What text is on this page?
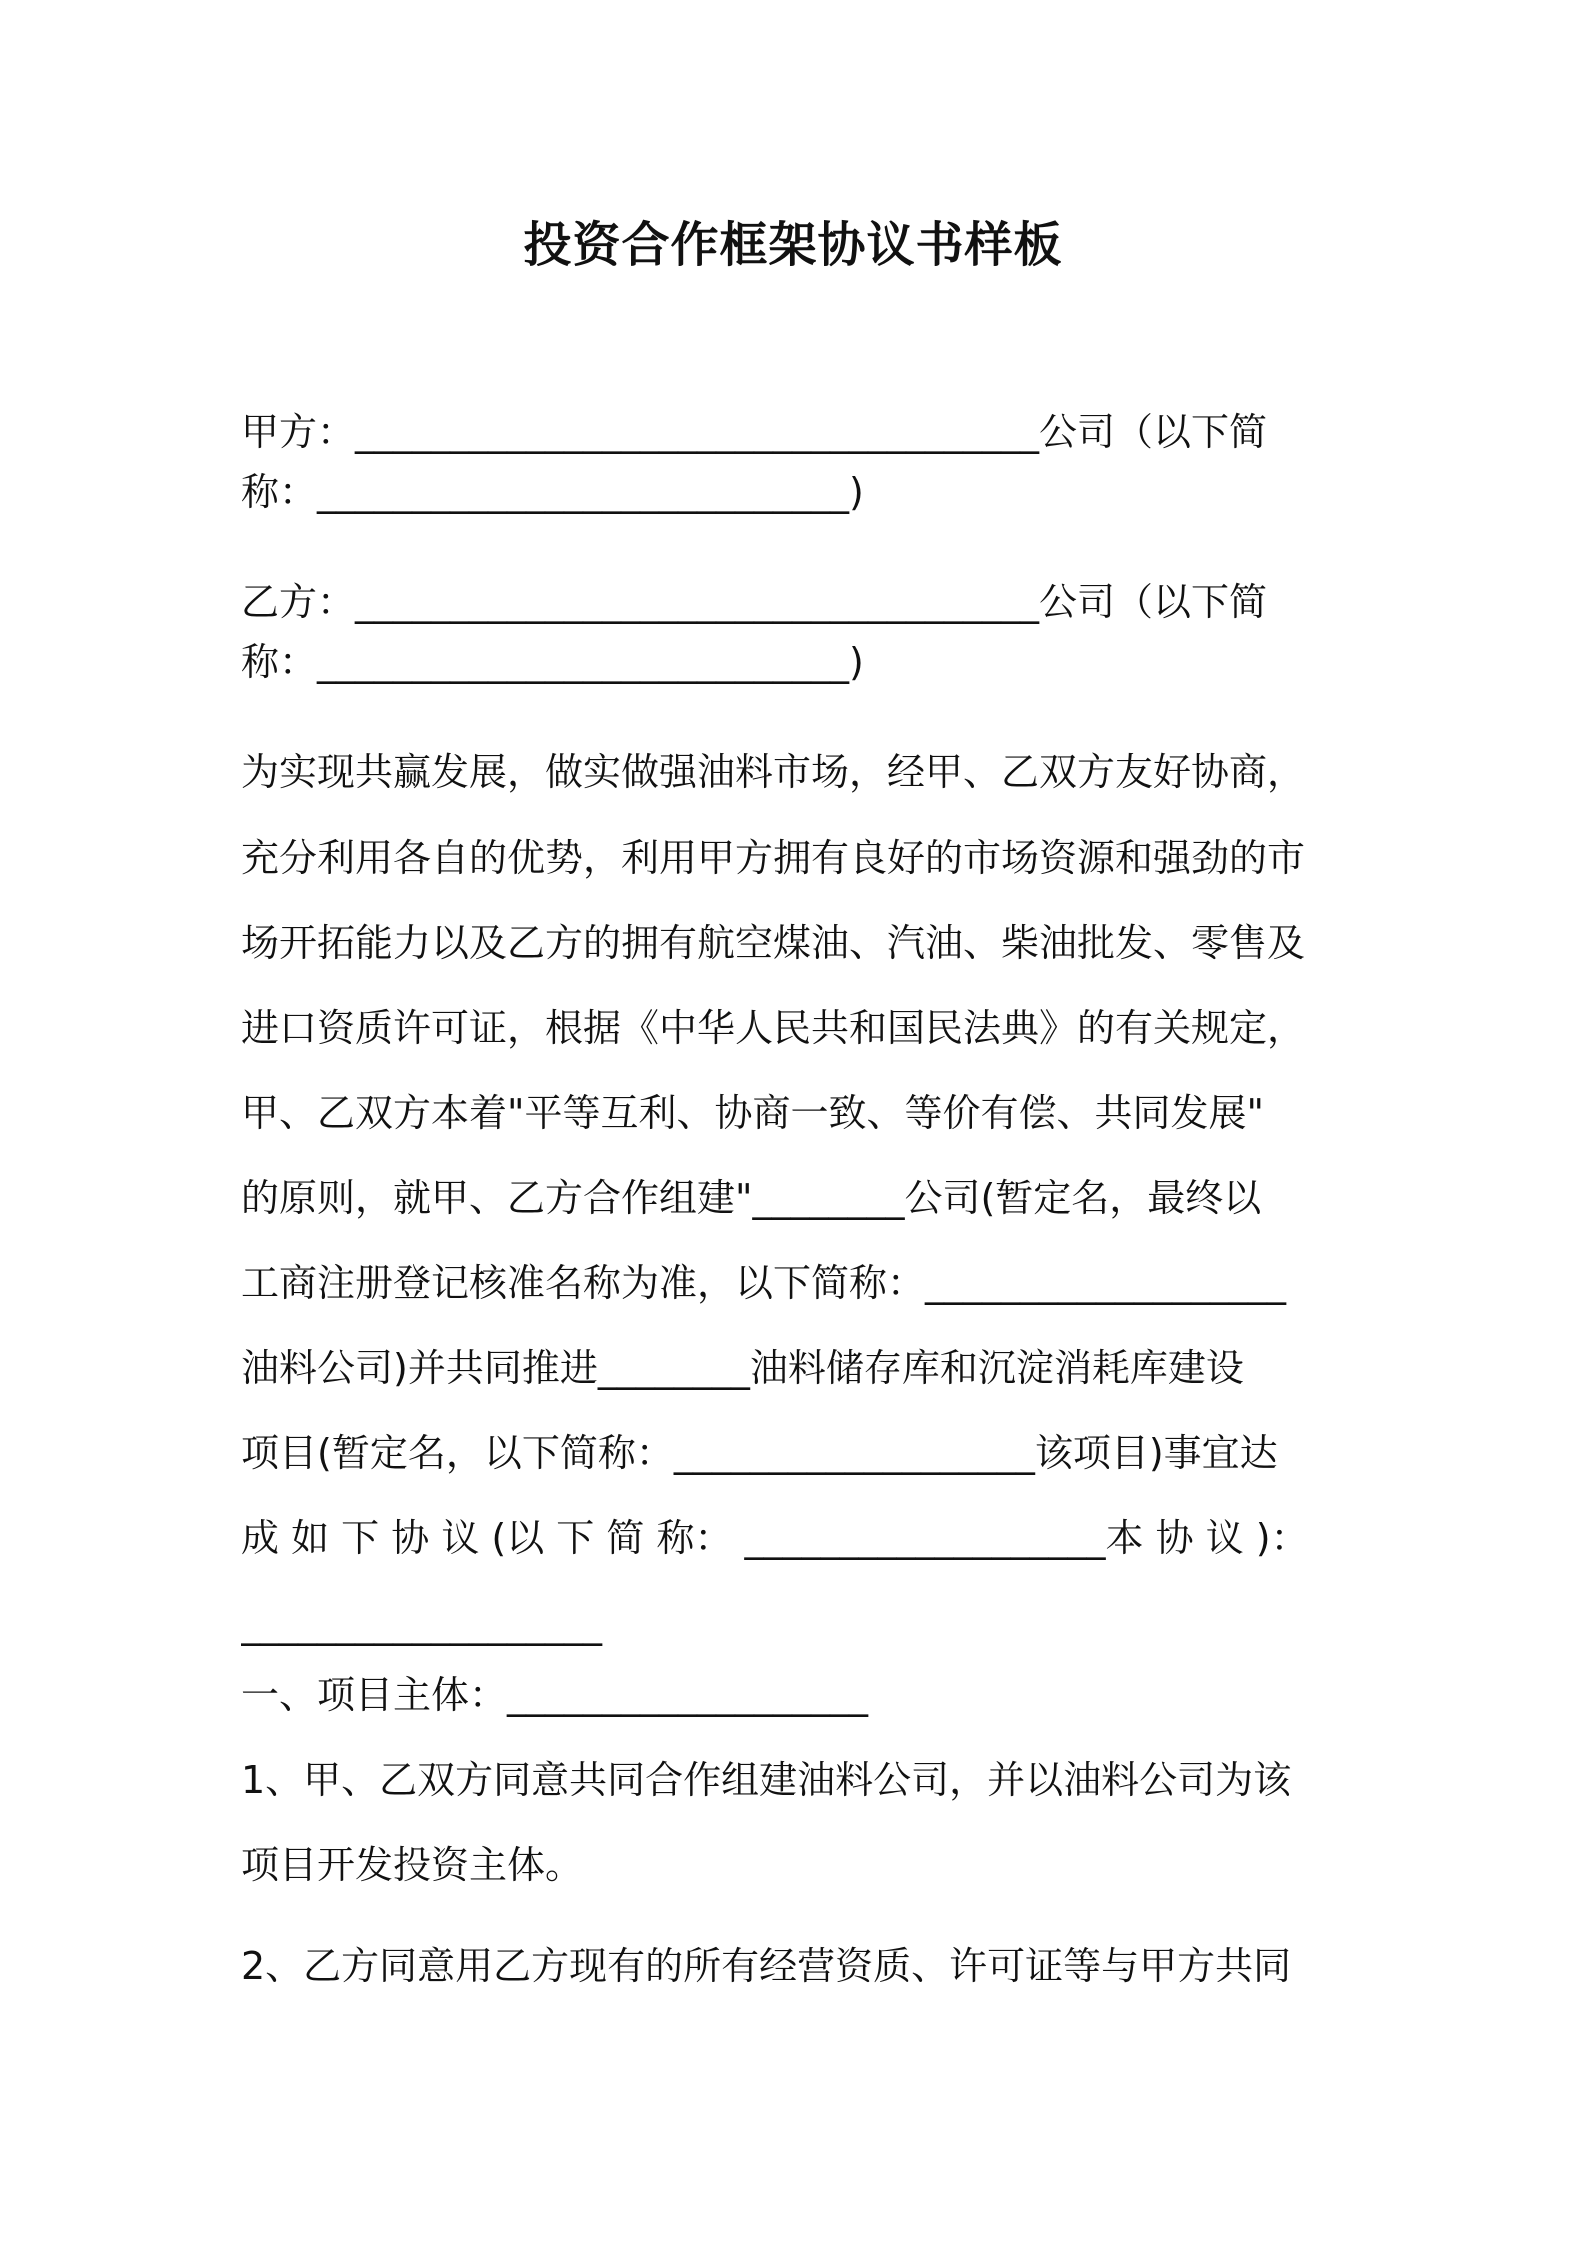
投资合作框架协议书样板
甲方：____________________________________公司（以下简
称：____________________________)
乙方：____________________________________公司（以下简
称：____________________________)
为实现共赢发展，做实做强油料市场，经甲、乙双方友好协商，
充分利用各自的优势，利用甲方拥有良好的市场资源和强劲的市
场开拓能力以及乙方的拥有航空煤油、汽油、柴油批发、零售及
进口资质许可证，根据《中华人民共和国民法典》的有关规定，
甲、乙双方本着"平等互利、协商一致、等价有偿、共同发展"
的原则，就甲、乙方合作组建"________公司(暂定名，最终以
工商注册登记核准名称为准，以下简称：___________________
油料公司)并共同推进________油料储存库和沉淀消耗库建设
项目(暂定名，以下简称：___________________该项目)事宜达
成 如 下 协 议 (以 下 简 称： ___________________本 协 议 )：
___________________
一、项目主体：___________________
1、甲、乙双方同意共同合作组建油料公司，并以油料公司为该
项目开发投资主体。
2、乙方同意用乙方现有的所有经营资质、许可证等与甲方共同
